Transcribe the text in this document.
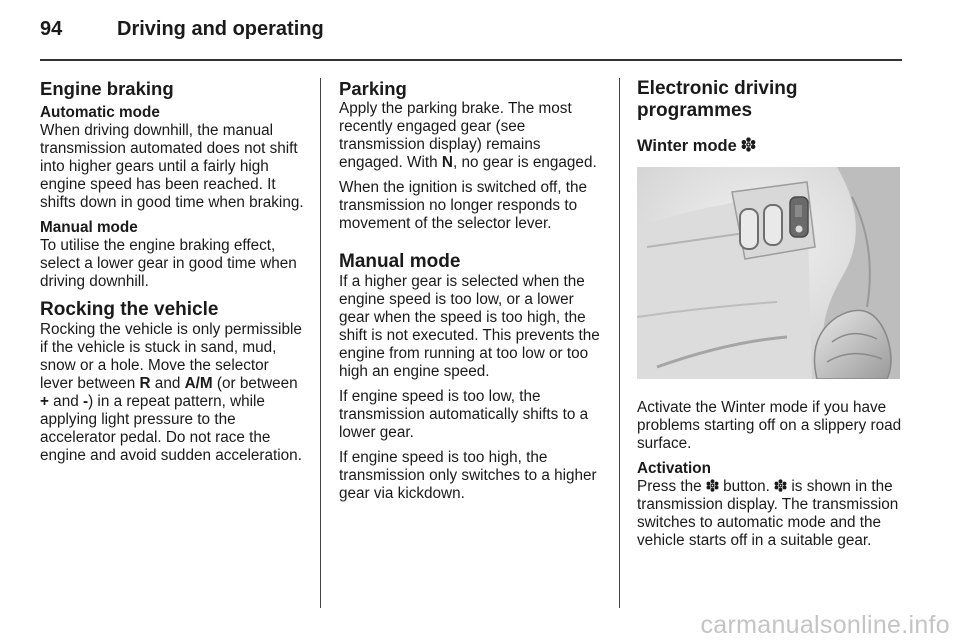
94	Driving and operating
Engine braking
Automatic mode

When driving downhill, the manual transmission automated does not shift into higher gears until a fairly high engine speed has been reached. It shifts down in good time when braking.

Manual mode

To utilise the engine braking effect, select a lower gear in good time when driving downhill.

Rocking the vehicle

Rocking the vehicle is only permissible if the vehicle is stuck in sand, mud, snow or a hole. Move the selector lever between R and A/M (or between + and -) in a repeat pattern, while applying light pressure to the accelerator pedal. Do not race the engine and avoid sudden acceleration.

Parking

Apply the parking brake. The most recently engaged gear (see transmission display) remains engaged. With N, no gear is engaged.

When the ignition is switched off, the transmission no longer responds to movement of the selector lever.

Manual mode

If a higher gear is selected when the engine speed is too low, or a lower gear when the speed is too high, the shift is not executed. This prevents the engine from running at too low or too high an engine speed.

If engine speed is too low, the transmission automatically shifts to a lower gear.

If engine speed is too high, the transmission only switches to a higher gear via kickdown.

Electronic driving programmes
Winter mode

Activate the Winter mode if you have problems starting off on a slippery road surface.

Activation

Press the  button.  is shown in the transmission display. The transmission switches to automatic mode and the vehicle starts off in a suitable gear.

carmanualsonline.info
